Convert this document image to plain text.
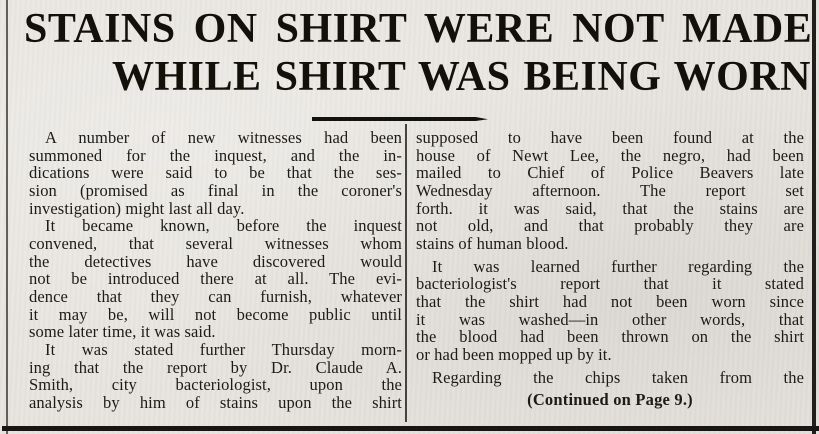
STAINS ON SHIRT WERE NOT MADE
WHILE SHIRT WAS BEING WORN
A number of new witnesses had been
summoned for the inquest, and the in-
dications were said to be that the ses-
sion (promised as final in the coroner's
investigation) might last all day.
It became known, before the inquest
convened, that several witnesses whom
the detectives have discovered would
not be introduced there at all. The evi-
dence that they can furnish, whatever
it may be, will not become public until
some later time, it was said.
It was stated further Thursday morn-
ing that the report by Dr. Claude A.
Smith, city bacteriologist, upon the
analysis by him of stains upon the shirt
supposed to have been found at the
house of Newt Lee, the negro, had been
mailed to Chief of Police Beavers late
Wednesday afternoon. The report set
forth. it was said, that the stains are
not old, and that probably they are
stains of human blood.
It was learned further regarding the
bacteriologist's report that it stated
that the shirt had not been worn since
it was washed—in other words, that
the blood had been thrown on the shirt
or had been mopped up by it.
Regarding the chips taken from the
(Continued on Page 9.)
